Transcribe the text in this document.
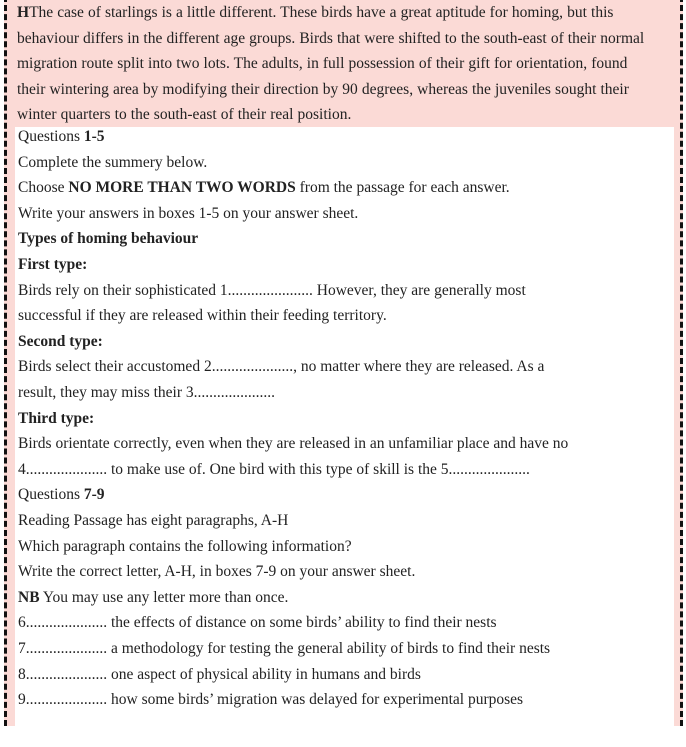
HThe case of starlings is a little different. These birds have a great aptitude for homing, but this
behaviour differs in the different age groups. Birds that were shifted to the south-east of their normal
migration route split into two lots. The adults, in full possession of their gift for orientation, found
their wintering area by modifying their direction by 90 degrees, whereas the juveniles sought their
winter quarters to the south-east of their real position.

Questions 1-5
Complete the summery below.
Choose NO MORE THAN TWO WORDS from the passage for each answer.
Write your answers in boxes 1-5 on your answer sheet.
Types of homing behaviour
First type:
Birds rely on their sophisticated 1...................... However, they are generally most
successful if they are released within their feeding territory.
Second type:
Birds select their accustomed 2....................., no matter where they are released. As a
result, they may miss their 3.....................
Third type:
Birds orientate correctly, even when they are released in an unfamiliar place and have no
4..................... to make use of. One bird with this type of skill is the 5.....................
Questions 7-9
Reading Passage has eight paragraphs, A-H
Which paragraph contains the following information?
Write the correct letter, A-H, in boxes 7-9 on your answer sheet.
NB You may use any letter more than once.
6..................... the effects of distance on some birds’ ability to find their nests
7..................... a methodology for testing the general ability of birds to find their nests
8..................... one aspect of physical ability in humans and birds
9..................... how some birds’ migration was delayed for experimental purposes
